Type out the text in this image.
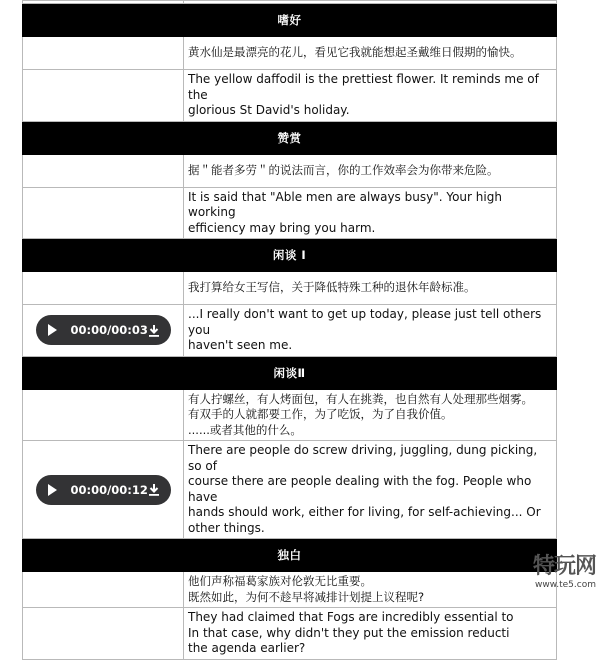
嗜好	

	黄水仙是最漂亮的花儿，看见它我就能想起圣戴维日假期的愉快。

	The yellow daffodil is the prettiest flower. It reminds me of the
glorious St David's holiday.

赞赏	

	据＂能者多劳＂的说法而言，你的工作效率会为你带来危险。

	It is said that "Able men are always busy". Your high working
efficiency may bring you harm.

闲谈 I	

	我打算给女王写信，关于降低特殊工种的退休年龄标准。

00:00/00:03	...I really don't want to get up today, please just tell others you
haven't seen me.

闲谈Ⅱ	

	有人拧螺丝，有人烤面包，有人在挑粪，也自然有人处理那些烟雾。
有双手的人就都要工作，为了吃饭，为了自我价值。
......或者其他的什么。

00:00/00:12	There are people do screw driving, juggling, dung picking, so of
course there are people dealing with the fog. People who have
hands should work, either for living, for self-achieving... Or
other things.

独白	

	他们声称福葛家族对伦敦无比重要。
既然如此，为何不趁早将减排计划提上议程呢?

	They had claimed that Fogs are incredibly essential to
In that case, why didn't they put the emission reducti
the agenda earlier?
特玩网
www.te5.com
